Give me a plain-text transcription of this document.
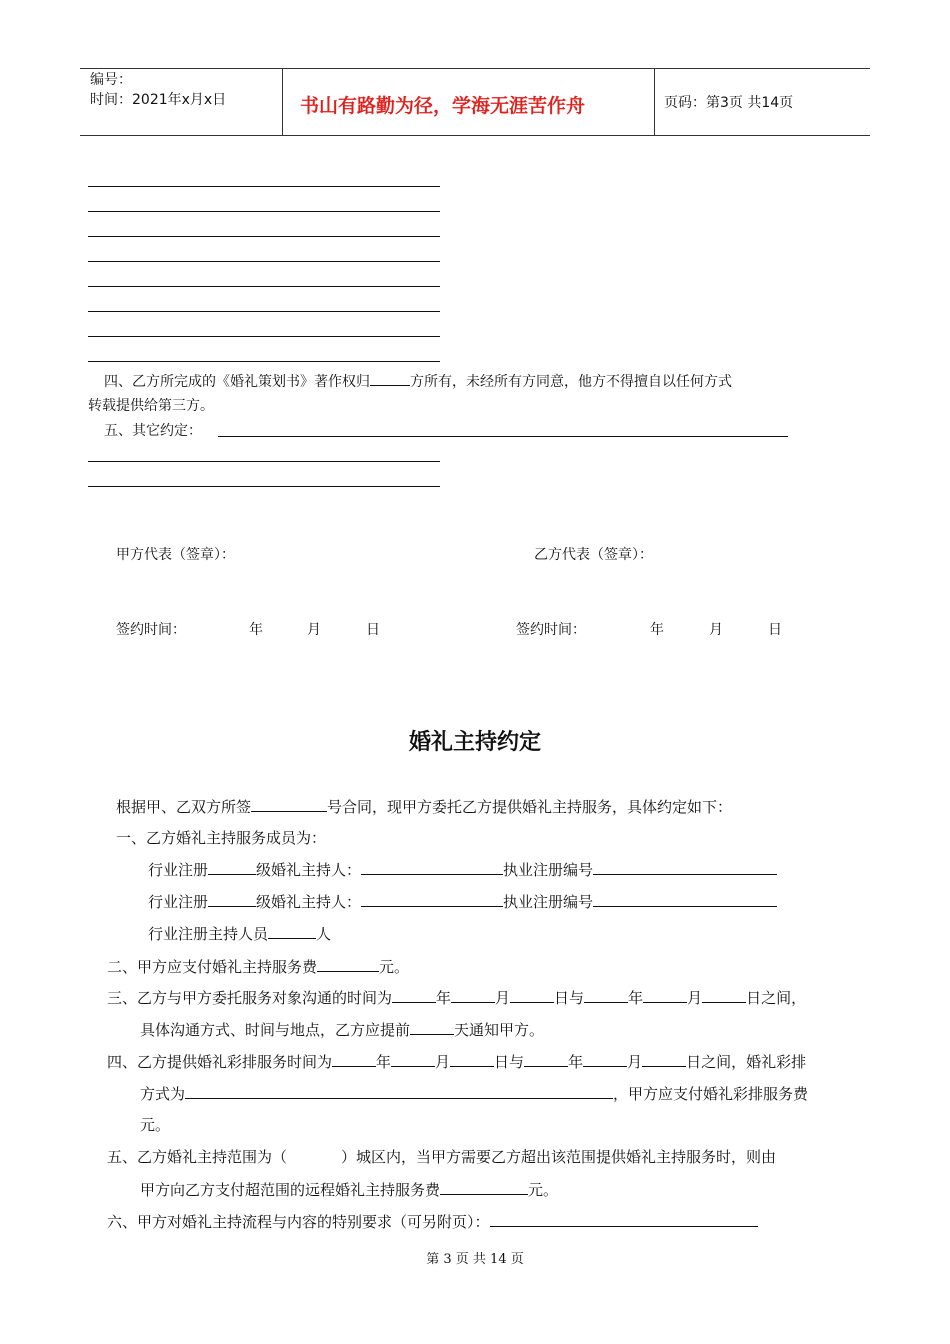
编号：
时间：2021年x月x日	书山有路勤为径，学海无涯苦作舟	页码：第3页 共14页
四、乙方所完成的《婚礼策划书》著作权归	方所有，未经所有方同意，他方不得擅自以任何方式
转载提供给第三方。
五、其它约定：
甲方代表（签章）：	乙方代表（签章）：
签约时间：	年	月	日	签约时间：	年	月	日
婚礼主持约定
根据甲、乙双方所签	号合同，现甲方委托乙方提供婚礼主持服务，具体约定如下：
一、乙方婚礼主持服务成员为：
行业注册	级婚礼主持人：	执业注册编号
行业注册	级婚礼主持人：	执业注册编号
行业注册主持人员	人
二、甲方应支付婚礼主持服务费	元。
三、乙方与甲方委托服务对象沟通的时间为	年	月	日与	年	月	日之间，
具体沟通方式、时间与地点，乙方应提前	天通知甲方。
四、乙方提供婚礼彩排服务时间为	年	月	日与	年	月	日之间，婚礼彩排
方式为	，甲方应支付婚礼彩排服务费
元。
五、乙方婚礼主持范围为（	）城区内，当甲方需要乙方超出该范围提供婚礼主持服务时，则由
甲方向乙方支付超范围的远程婚礼主持服务费	元。
六、甲方对婚礼主持流程与内容的特别要求（可另附页）：
第 3 页 共 14 页
